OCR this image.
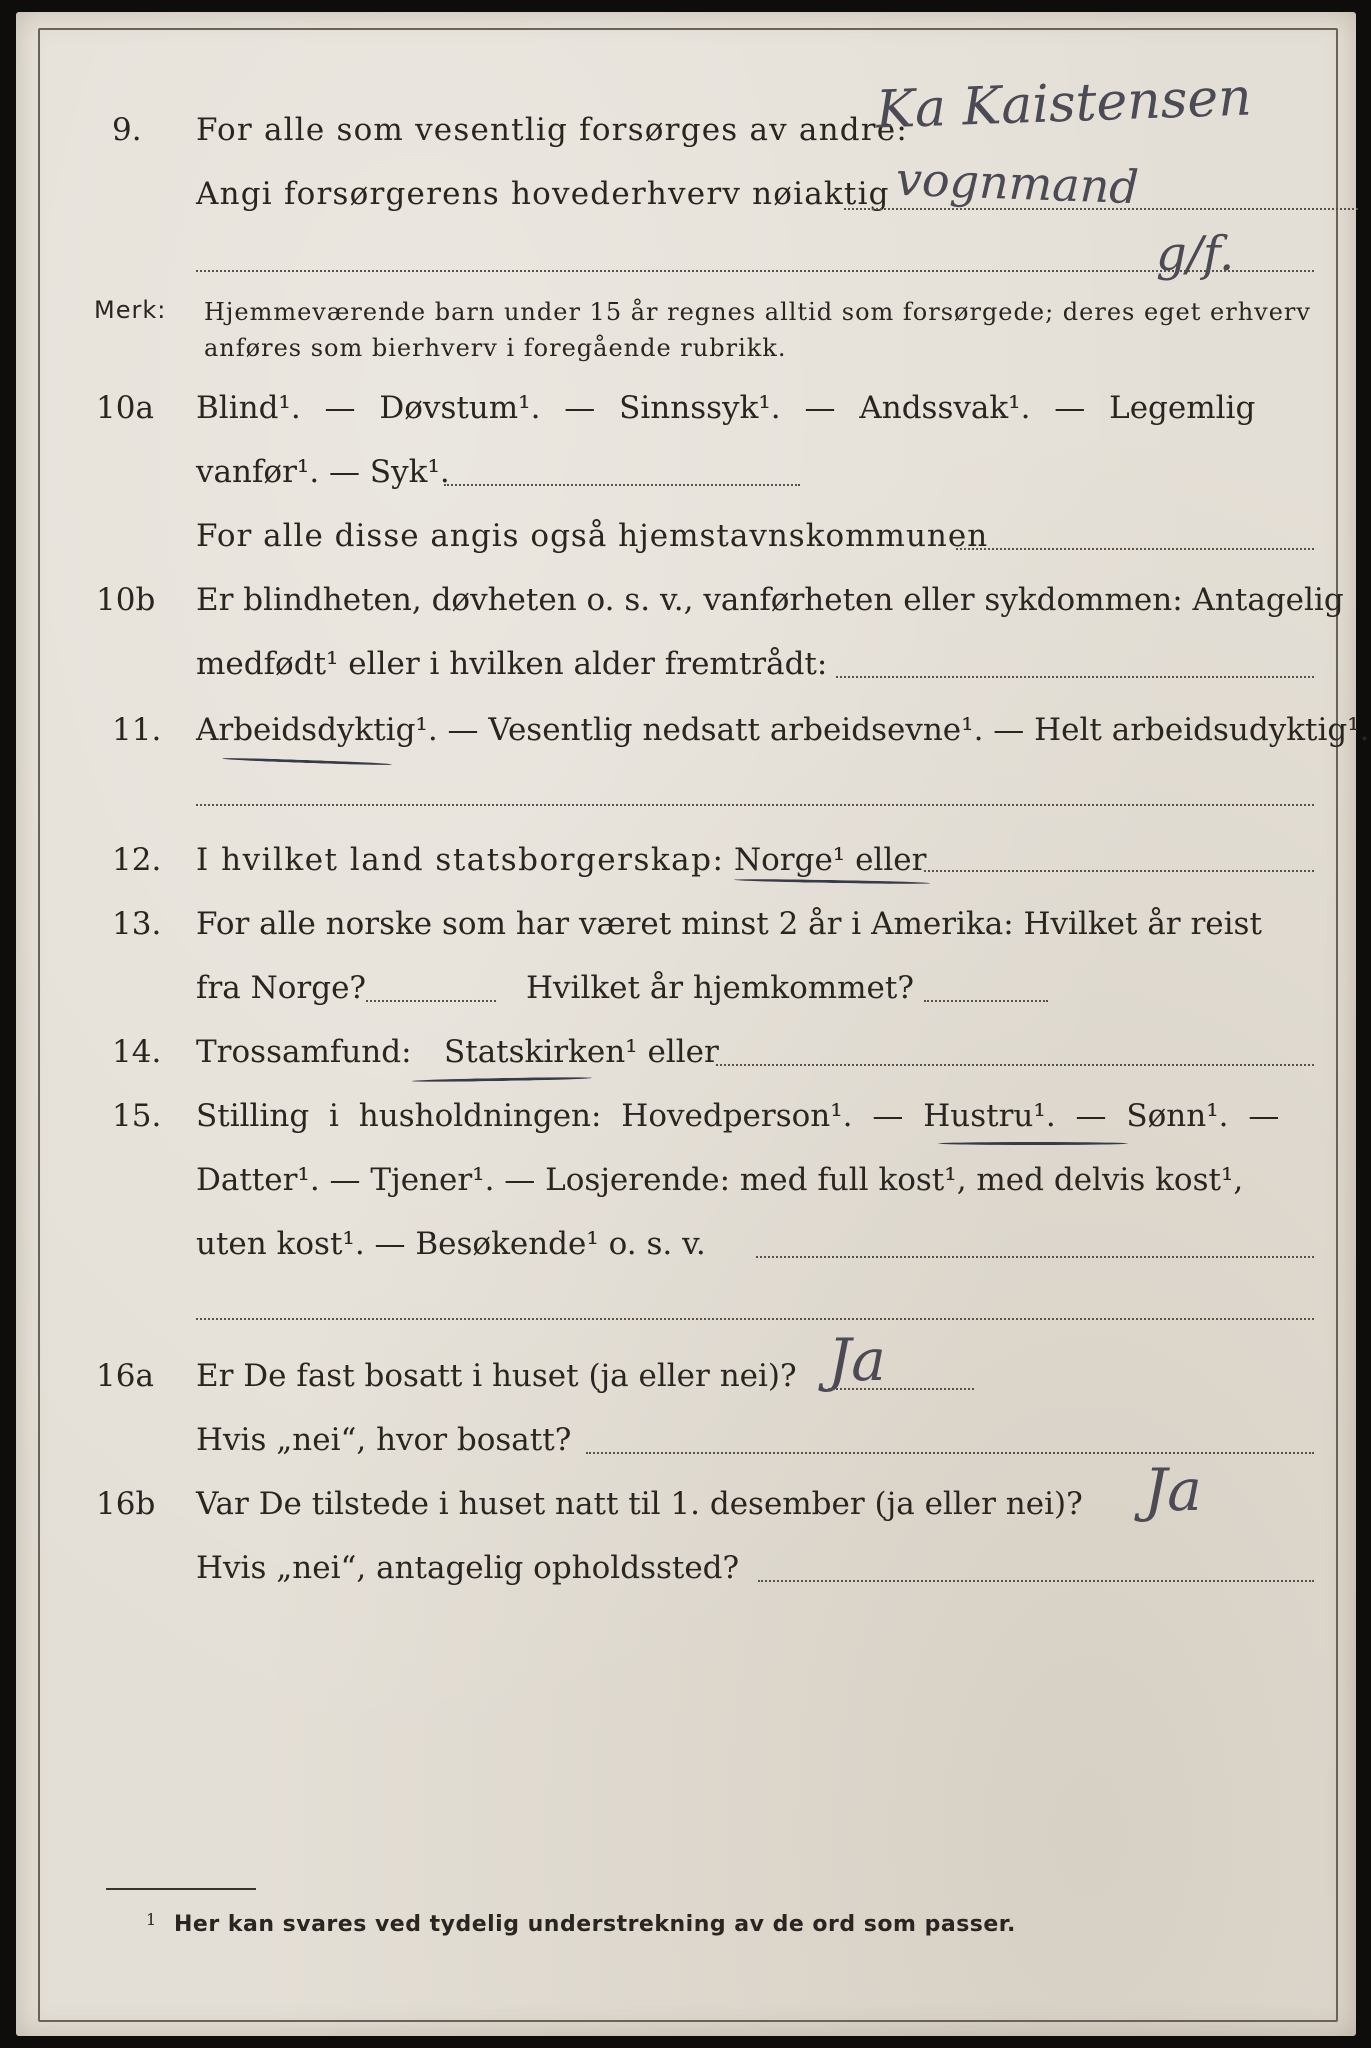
9. For alle som vesentlig forsørges av andre:
Ka Kaistensen
Angi forsørgerens hovederhverv nøiaktig vognmand
g/f.
Merk: Hjemmeværende barn under 15 år regnes alltid som forsørgede; deres eget erhverv
anføres som bierhverv i foregående rubrikk.
10a Blind¹. — Døvstum¹. — Sinnssyk¹. — Andssvak¹. — Legemlig
vanfør¹. — Syk¹.
For alle disse angis også hjemstavnskommunen
10b Er blindheten, døvheten o. s. v., vanførheten eller sykdommen: Antagelig
medfødt¹ eller i hvilken alder fremtrådt:
11. Arbeidsdyktig¹. — Vesentlig nedsatt arbeidsevne¹. — Helt arbeidsudyktig¹.
12. I hvilket land statsborgerskap: Norge¹ eller
13. For alle norske som har været minst 2 år i Amerika: Hvilket år reist
fra Norge?	Hvilket år hjemkommet?
14. Trossamfund: Statskirken¹ eller
15. Stilling i husholdningen: Hovedperson¹. — Hustru¹. — Sønn¹. —
Datter¹. — Tjener¹. — Losjerende: med full kost¹, med delvis kost¹,
uten kost¹. — Besøkende¹ o. s. v.
16a Er De fast bosatt i huset (ja eller nei)? Ja
Hvis „nei“, hvor bosatt?
16b Var De tilstede i huset natt til 1. desember (ja eller nei)? Ja
Hvis „nei“, antagelig opholdssted?
1 Her kan svares ved tydelig understrekning av de ord som passer.
